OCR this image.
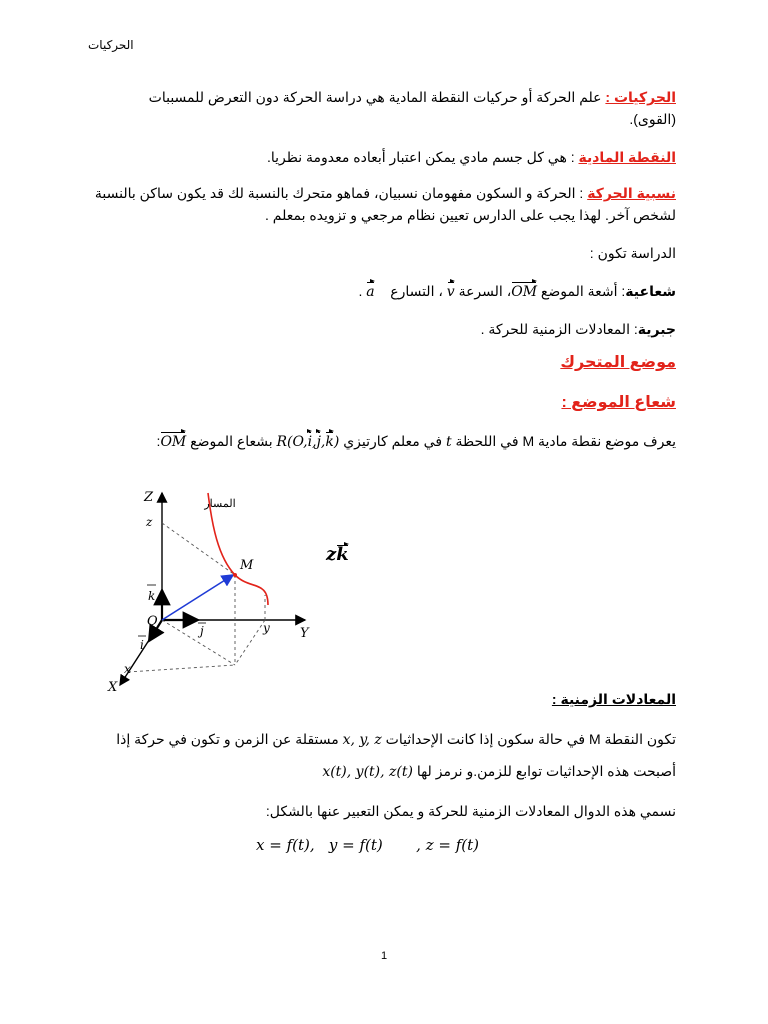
الحركيات
الحركيات : علم الحركة أو حركيات النقطة المادية هي دراسة الحركة دون التعرض للمسببات
(القوى).
النقطة المادية : هي كل جسم مادي يمكن اعتبار أبعاده معدومة نظريا.
نسبية الحركة : الحركة و السكون مفهومان نسبيان، فماهو متحرك بالنسبة لك قد يكون ساكن بالنسبة
لشخص آخر. لهذا يجب على الدارس تعيين نظام مرجعي و تزويده بمعلم .
الدراسة تكون :
شعاعية: أشعة الموضع OM، السرعة v ، التسارع    a .
جبرية: المعادلات الزمنية للحركة .
موضع المتحرك
شعاع الموضع :
يعرف موضع نقطة مادية M في اللحظة t في معلم كارتيزي R(O,i,j,k) بشعاع الموضع OM:
المسار
Z
z
k
O
i
j	y Y
x
X
M
zk
المعادلات الزمنية :
تكون النقطة M في حالة سكون إذا كانت الإحداثيات x, y, z مستقلة عن الزمن و تكون في حركة إذا
أصبحت هذه الإحداثيات توابع للزمن.و نرمز لها x(t), y(t), z(t)
نسمي هذه الدوال المعادلات الزمنية للحركة و يمكن التعبير عنها بالشكل:
x = f(t),   y = f(t)       , z = f(t)
1
